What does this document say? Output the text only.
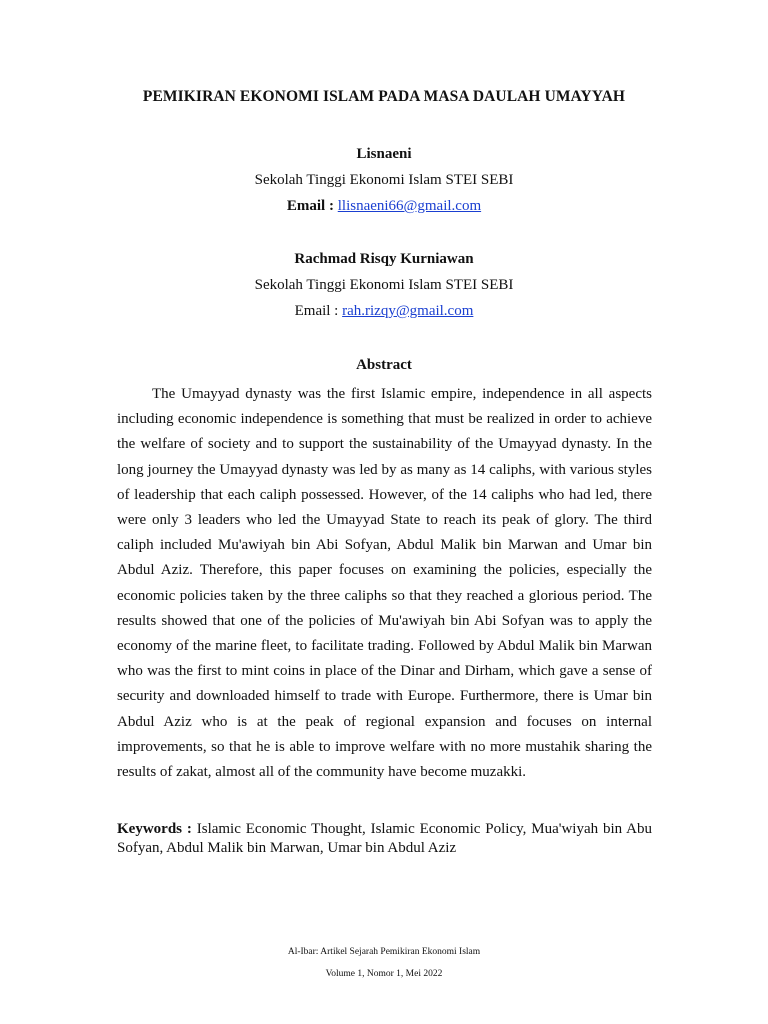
PEMIKIRAN EKONOMI ISLAM PADA MASA DAULAH UMAYYAH
Lisnaeni
Sekolah Tinggi Ekonomi Islam STEI SEBI
Email : llisnaeni66@gmail.com
Rachmad Risqy Kurniawan
Sekolah Tinggi Ekonomi Islam STEI SEBI
Email : rah.rizqy@gmail.com
Abstract

The Umayyad dynasty was the first Islamic empire, independence in all aspects including economic independence is something that must be realized in order to achieve the welfare of society and to support the sustainability of the Umayyad dynasty. In the long journey the Umayyad dynasty was led by as many as 14 caliphs, with various styles of leadership that each caliph possessed. However, of the 14 caliphs who had led, there were only 3 leaders who led the Umayyad State to reach its peak of glory. The third caliph included Mu'awiyah bin Abi Sofyan, Abdul Malik bin Marwan and Umar bin Abdul Aziz. Therefore, this paper focuses on examining the policies, especially the economic policies taken by the three caliphs so that they reached a glorious period. The results showed that one of the policies of Mu'awiyah bin Abi Sofyan was to apply the economy of the marine fleet, to facilitate trading. Followed by Abdul Malik bin Marwan who was the first to mint coins in place of the Dinar and Dirham, which gave a sense of security and downloaded himself to trade with Europe. Furthermore, there is Umar bin Abdul Aziz who is at the peak of regional expansion and focuses on internal improvements, so that he is able to improve welfare with no more mustahik sharing the results of zakat, almost all of the community have become muzakki.

Keywords : Islamic Economic Thought, Islamic Economic Policy, Mua'wiyah bin Abu Sofyan, Abdul Malik bin Marwan, Umar bin Abdul Aziz

Al-Ibar: Artikel Sejarah Pemikiran Ekonomi Islam
Volume 1, Nomor 1, Mei 2022
